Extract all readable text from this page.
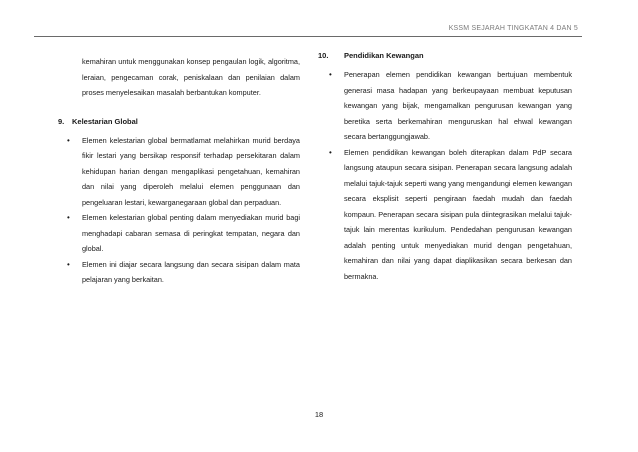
KSSM SEJARAH TINGKATAN 4 DAN 5

kemahiran untuk menggunakan konsep pengaulan logik, algoritma, leraian, pengecaman corak, peniskalaan dan penilaian dalam proses menyelesaikan masalah berbantukan komputer.

9. Kelestarian Global
• Elemen kelestarian global bermatlamat melahirkan murid berdaya fikir lestari yang bersikap responsif terhadap persekitaran dalam kehidupan harian dengan mengaplikasi pengetahuan, kemahiran dan nilai yang diperoleh melalui elemen penggunaan dan pengeluaran lestari, kewarganegaraan global dan perpaduan.

• Elemen kelestarian global penting dalam menyediakan murid bagi menghadapi cabaran semasa di peringkat tempatan, negara dan global.

• Elemen ini diajar secara langsung dan secara sisipan dalam mata pelajaran yang berkaitan.

10. Pendidikan Kewangan
• Penerapan elemen pendidikan kewangan bertujuan membentuk generasi masa hadapan yang berkeupayaan membuat keputusan kewangan yang bijak, mengamalkan pengurusan kewangan yang beretika serta berkemahiran menguruskan hal ehwal kewangan secara bertanggungjawab.

• Elemen pendidikan kewangan boleh diterapkan dalam PdP secara langsung ataupun secara sisipan. Penerapan secara langsung adalah melalui tajuk-tajuk seperti wang yang mengandungi elemen kewangan secara eksplisit seperti pengiraan faedah mudah dan faedah kompaun. Penerapan secara sisipan pula diintegrasikan melalui tajuk-tajuk lain merentas kurikulum. Pendedahan pengurusan kewangan adalah penting untuk menyediakan murid dengan pengetahuan, kemahiran dan nilai yang dapat diaplikasikan secara berkesan dan bermakna.

18
